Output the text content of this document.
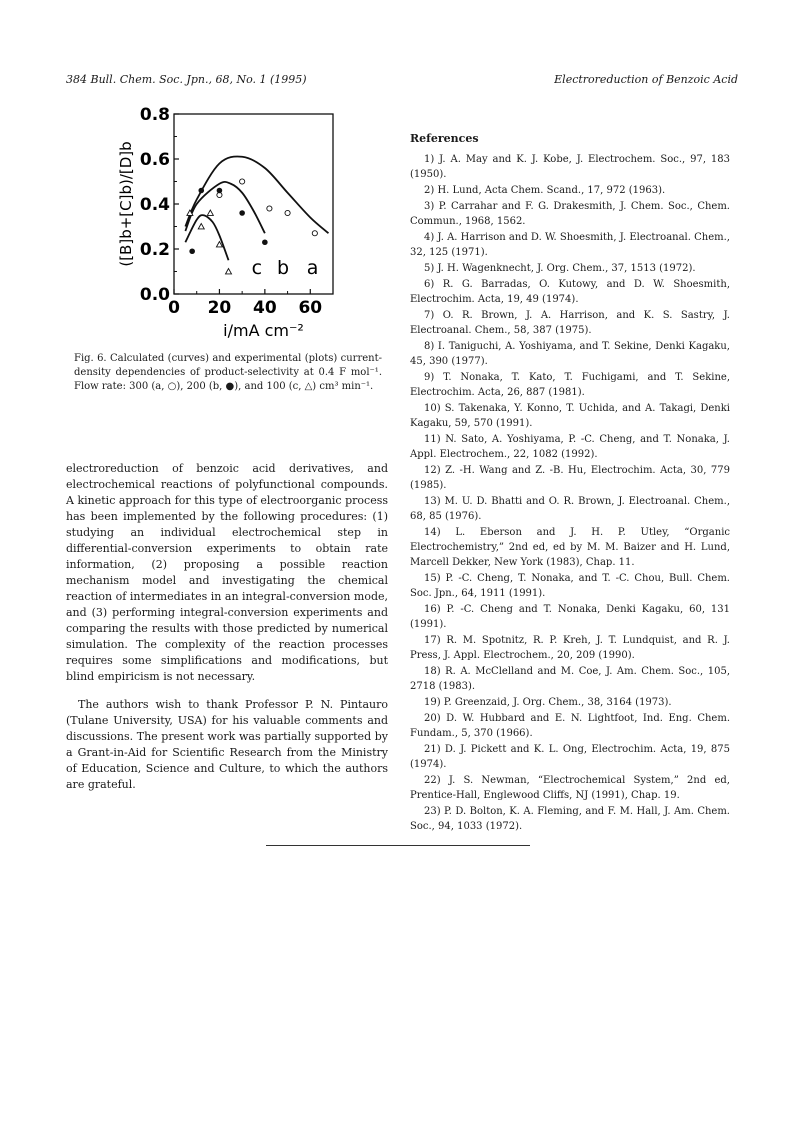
384 Bull. Chem. Soc. Jpn., 68, No. 1 (1995)	Electroreduction of Benzoic Acid
0.0
0.2
0.4
0.6
0.8
0 20 40 60
i/mA cm⁻²
([B]b+[C]b)/[D]b
c b a
Fig. 6. Calculated (curves) and experimental (plots) current-density dependencies of product-selectivity at 0.4 F mol⁻¹. Flow rate: 300 (a, ○), 200 (b, ●), and 100 (c, △) cm³ min⁻¹.

electroreduction of benzoic acid derivatives, and electrochemical reactions of polyfunctional compounds. A kinetic approach for this type of electroorganic process has been implemented by the following procedures: (1) studying an individual electrochemical step in differential-conversion experiments to obtain rate information, (2) proposing a possible reaction mechanism model and investigating the chemical reaction of intermediates in an integral-conversion mode, and (3) performing integral-conversion experiments and comparing the results with those predicted by numerical simulation. The complexity of the reaction processes requires some simplifications and modifications, but blind empiricism is not necessary.

The authors wish to thank Professor P. N. Pintauro (Tulane University, USA) for his valuable comments and discussions. The present work was partially supported by a Grant-in-Aid for Scientific Research from the Ministry of Education, Science and Culture, to which the authors are grateful.

References
1) J. A. May and K. J. Kobe, J. Electrochem. Soc., 97, 183 (1950).
2) H. Lund, Acta Chem. Scand., 17, 972 (1963).
3) P. Carrahar and F. G. Drakesmith, J. Chem. Soc., Chem. Commun., 1968, 1562.
4) J. A. Harrison and D. W. Shoesmith, J. Electroanal. Chem., 32, 125 (1971).
5) J. H. Wagenknecht, J. Org. Chem., 37, 1513 (1972).
6) R. G. Barradas, O. Kutowy, and D. W. Shoesmith, Electrochim. Acta, 19, 49 (1974).
7) O. R. Brown, J. A. Harrison, and K. S. Sastry, J. Electroanal. Chem., 58, 387 (1975).
8) I. Taniguchi, A. Yoshiyama, and T. Sekine, Denki Kagaku, 45, 390 (1977).
9) T. Nonaka, T. Kato, T. Fuchigami, and T. Sekine, Electrochim. Acta, 26, 887 (1981).
10) S. Takenaka, Y. Konno, T. Uchida, and A. Takagi, Denki Kagaku, 59, 570 (1991).
11) N. Sato, A. Yoshiyama, P. -C. Cheng, and T. Nonaka, J. Appl. Electrochem., 22, 1082 (1992).
12) Z. -H. Wang and Z. -B. Hu, Electrochim. Acta, 30, 779 (1985).
13) M. U. D. Bhatti and O. R. Brown, J. Electroanal. Chem., 68, 85 (1976).
14) L. Eberson and J. H. P. Utley, “Organic Electrochemistry,” 2nd ed, ed by M. M. Baizer and H. Lund, Marcell Dekker, New York (1983), Chap. 11.
15) P. -C. Cheng, T. Nonaka, and T. -C. Chou, Bull. Chem. Soc. Jpn., 64, 1911 (1991).
16) P. -C. Cheng and T. Nonaka, Denki Kagaku, 60, 131 (1991).
17) R. M. Spotnitz, R. P. Kreh, J. T. Lundquist, and R. J. Press, J. Appl. Electrochem., 20, 209 (1990).
18) R. A. McClelland and M. Coe, J. Am. Chem. Soc., 105, 2718 (1983).
19) P. Greenzaid, J. Org. Chem., 38, 3164 (1973).
20) D. W. Hubbard and E. N. Lightfoot, Ind. Eng. Chem. Fundam., 5, 370 (1966).
21) D. J. Pickett and K. L. Ong, Electrochim. Acta, 19, 875 (1974).
22) J. S. Newman, “Electrochemical System,” 2nd ed, Prentice-Hall, Englewood Cliffs, NJ (1991), Chap. 19.
23) P. D. Bolton, K. A. Fleming, and F. M. Hall, J. Am. Chem. Soc., 94, 1033 (1972).
